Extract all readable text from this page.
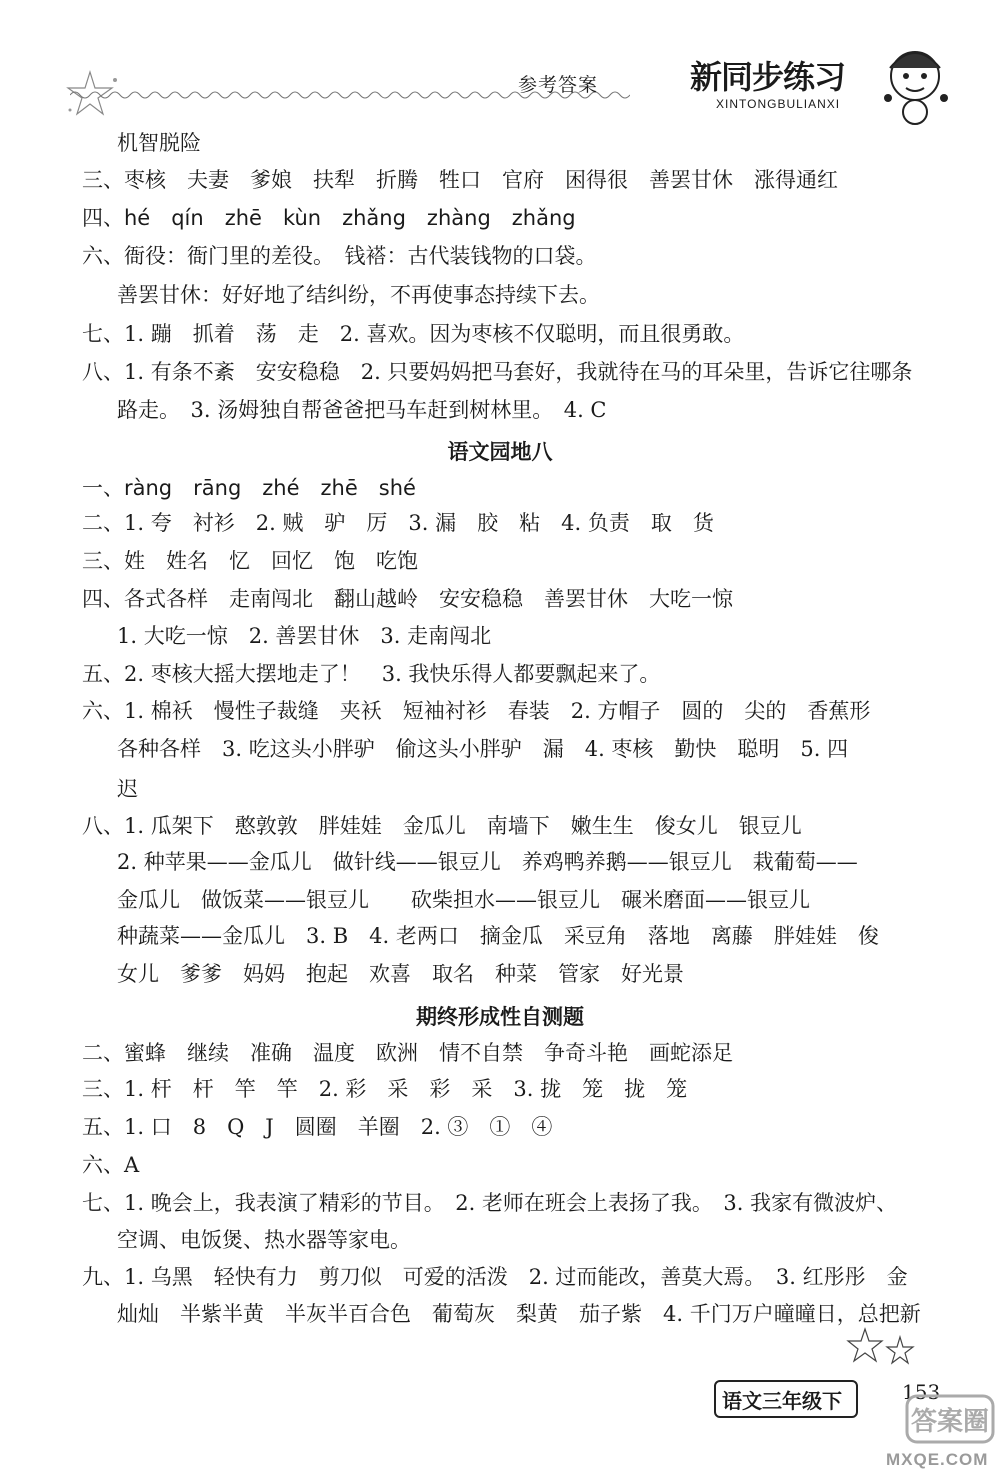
参考答案	新同步练习
XINTONGBULIANXI
机智脱险
三、枣核　夫妻　爹娘　扶犁　折腾　牲口　官府　困得很　善罢甘休　涨得通红
四、hé　qín　zhē　kùn　zhǎng　zhàng　zhǎng
六、衙役：衙门里的差役。　钱褡：古代装钱物的口袋。
善罢甘休：好好地了结纠纷，不再使事态持续下去。
七、1. 蹦　抓着　荡　走　2. 喜欢。因为枣核不仅聪明，而且很勇敢。
八、1. 有条不紊　安安稳稳　2. 只要妈妈把马套好，我就待在马的耳朵里，告诉它往哪条
路走。　3. 汤姆独自帮爸爸把马车赶到树林里。　4. C
语文园地八
一、ràng　rāng　zhé　zhē　shé
二、1. 夸　衬衫　2. 贼　驴　厉　3. 漏　胶　粘　4. 负责　取　货
三、姓　姓名　忆　回忆　饱　吃饱
四、各式各样　走南闯北　翻山越岭　安安稳稳　善罢甘休　大吃一惊
1. 大吃一惊　2. 善罢甘休　3. 走南闯北
五、2. 枣核大摇大摆地走了！　3. 我快乐得人都要飘起来了。
六、1. 棉袄　慢性子裁缝　夹袄　短袖衬衫　春装　2. 方帽子　圆的　尖的　香蕉形
各种各样　3. 吃这头小胖驴　偷这头小胖驴　漏　4. 枣核　勤快　聪明　5. 四
迟
八、1. 瓜架下　憨敦敦　胖娃娃　金瓜儿　南墙下　嫩生生　俊女儿　银豆儿
2. 种苹果——金瓜儿　做针线——银豆儿　养鸡鸭养鹅——银豆儿　栽葡萄——
金瓜儿　做饭菜——银豆儿　　砍柴担水——银豆儿　碾米磨面——银豆儿
种蔬菜——金瓜儿　3. B　4. 老两口　摘金瓜　采豆角　落地　离藤　胖娃娃　俊
女儿　爹爹　妈妈　抱起　欢喜　取名　种菜　管家　好光景
期终形成性自测题
二、蜜蜂　继续　准确　温度　欧洲　情不自禁　争奇斗艳　画蛇添足
三、1. 杆　杆　竿　竿　2. 彩　采　彩　采　3. 拢　笼　拢　笼
五、1. 口　8　Q　J　圆圈　羊圈　2. ③　①　④
六、A
七、1. 晚会上，我表演了精彩的节目。　2. 老师在班会上表扬了我。　3. 我家有微波炉、
空调、电饭煲、热水器等家电。
九、1. 乌黑　轻快有力　剪刀似　可爱的活泼　2. 过而能改，善莫大焉。　3. 红彤彤　金
灿灿　半紫半黄　半灰半百合色　葡萄灰　梨黄　茄子紫　4. 千门万户曈曈日，总把新
语文三年级下	153
答案圈
MXQE.COM
